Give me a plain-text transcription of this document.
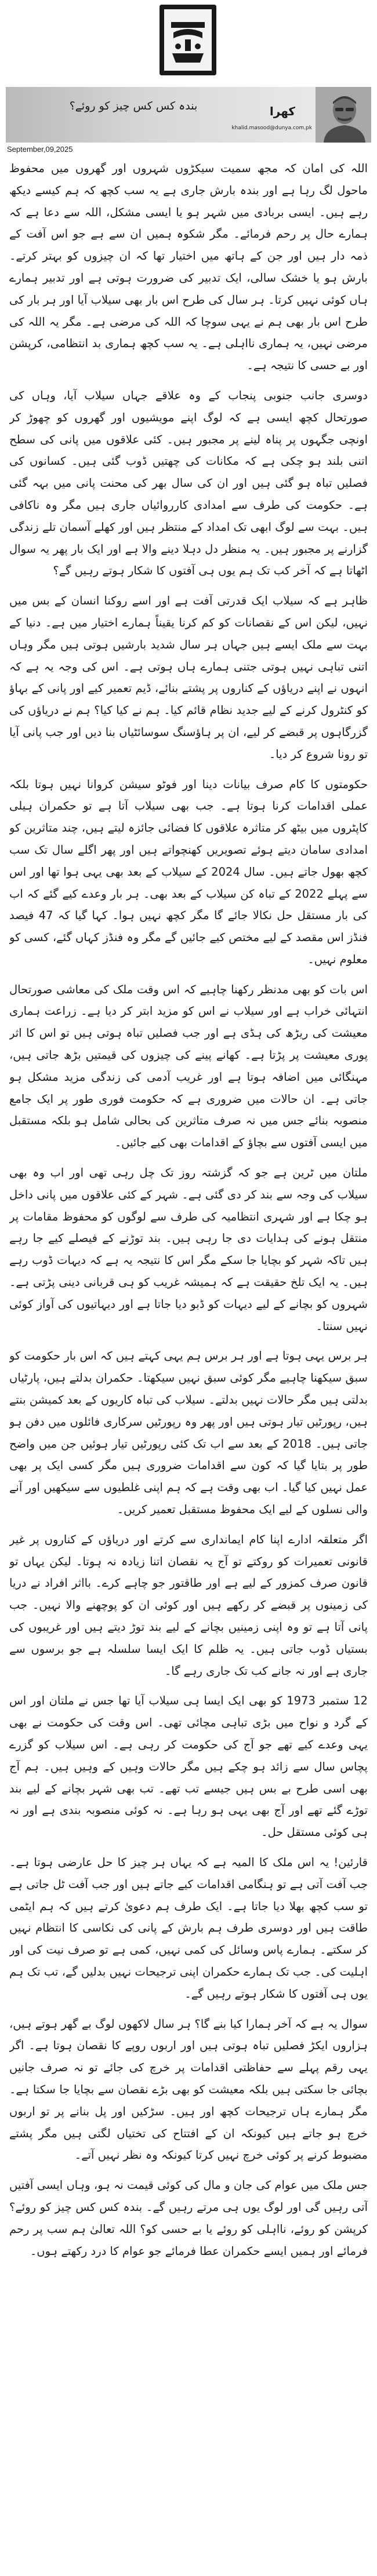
بندہ کس کس چیز کو روئے؟	کھرا
khalid.masood@dunya.com.pk
September,09,2025

اللہ کی امان کہ مجھ سمیت سیکڑوں شہروں اور گھروں میں محفوظ ماحول لگ رہا ہے اور بندہ بارش جاری ہے یہ سب کچھ کہ ہم کیسے دیکھ رہے ہیں۔ ایسی بربادی میں شہر ہو یا ایسی مشکل، اللہ سے دعا ہے کہ ہمارے حال پر رحم فرمائے۔ مگر شکوہ ہمیں ان سے ہے جو اس آفت کے ذمہ دار ہیں اور جن کے ہاتھ میں اختیار تھا کہ ان چیزوں کو بہتر کرتے۔ بارش ہو یا خشک سالی، ایک تدبیر کی ضرورت ہوتی ہے اور تدبیر ہمارے ہاں کوئی نہیں کرتا۔ ہر سال کی طرح اس بار بھی سیلاب آیا اور ہر بار کی طرح اس بار بھی ہم نے یہی سوچا کہ اللہ کی مرضی ہے۔ مگر یہ اللہ کی مرضی نہیں، یہ ہماری نااہلی ہے۔ یہ سب کچھ ہماری بد انتظامی، کرپشن اور بے حسی کا نتیجہ ہے۔

دوسری جانب جنوبی پنجاب کے وہ علاقے جہاں سیلاب آیا، وہاں کی صورتحال کچھ ایسی ہے کہ لوگ اپنے مویشیوں اور گھروں کو چھوڑ کر اونچی جگہوں پر پناہ لینے پر مجبور ہیں۔ کئی علاقوں میں پانی کی سطح اتنی بلند ہو چکی ہے کہ مکانات کی چھتیں ڈوب گئی ہیں۔ کسانوں کی فصلیں تباہ ہو گئی ہیں اور ان کی سال بھر کی محنت پانی میں بہہ گئی ہے۔ حکومت کی طرف سے امدادی کارروائیاں جاری ہیں مگر وہ ناکافی ہیں۔ بہت سے لوگ ابھی تک امداد کے منتظر ہیں اور کھلے آسمان تلے زندگی گزارنے پر مجبور ہیں۔ یہ منظر دل دہلا دینے والا ہے اور ایک بار پھر یہ سوال اٹھاتا ہے کہ آخر کب تک ہم یوں ہی آفتوں کا شکار ہوتے رہیں گے؟

ظاہر ہے کہ سیلاب ایک قدرتی آفت ہے اور اسے روکنا انسان کے بس میں نہیں، لیکن اس کے نقصانات کو کم کرنا یقیناً ہمارے اختیار میں ہے۔ دنیا کے بہت سے ملک ایسے ہیں جہاں ہر سال شدید بارشیں ہوتی ہیں مگر وہاں اتنی تباہی نہیں ہوتی جتنی ہمارے ہاں ہوتی ہے۔ اس کی وجہ یہ ہے کہ انہوں نے اپنے دریاؤں کے کناروں پر پشتے بنائے، ڈیم تعمیر کیے اور پانی کے بہاؤ کو کنٹرول کرنے کے لیے جدید نظام قائم کیا۔ ہم نے کیا کیا؟ ہم نے دریاؤں کی گزرگاہوں پر قبضے کر لیے، ان پر ہاؤسنگ سوسائٹیاں بنا دیں اور جب پانی آیا تو رونا شروع کر دیا۔

حکومتوں کا کام صرف بیانات دینا اور فوٹو سیشن کروانا نہیں ہوتا بلکہ عملی اقدامات کرنا ہوتا ہے۔ جب بھی سیلاب آتا ہے تو حکمران ہیلی کاپٹروں میں بیٹھ کر متاثرہ علاقوں کا فضائی جائزہ لیتے ہیں، چند متاثرین کو امدادی سامان دیتے ہوئے تصویریں کھنچواتے ہیں اور پھر اگلے سال تک سب کچھ بھول جاتے ہیں۔ سال 2024 کے سیلاب کے بعد بھی یہی ہوا تھا اور اس سے پہلے 2022 کے تباہ کن سیلاب کے بعد بھی۔ ہر بار وعدے کیے گئے کہ اب کی بار مستقل حل نکالا جائے گا مگر کچھ نہیں ہوا۔ کہا گیا کہ 47 فیصد فنڈز اس مقصد کے لیے مختص کیے جائیں گے مگر وہ فنڈز کہاں گئے، کسی کو معلوم نہیں۔

اس بات کو بھی مدنظر رکھنا چاہیے کہ اس وقت ملک کی معاشی صورتحال انتہائی خراب ہے اور سیلاب نے اس کو مزید ابتر کر دیا ہے۔ زراعت ہماری معیشت کی ریڑھ کی ہڈی ہے اور جب فصلیں تباہ ہوتی ہیں تو اس کا اثر پوری معیشت پر پڑتا ہے۔ کھانے پینے کی چیزوں کی قیمتیں بڑھ جاتی ہیں، مہنگائی میں اضافہ ہوتا ہے اور غریب آدمی کی زندگی مزید مشکل ہو جاتی ہے۔ ان حالات میں ضروری ہے کہ حکومت فوری طور پر ایک جامع منصوبہ بنائے جس میں نہ صرف متاثرین کی بحالی شامل ہو بلکہ مستقبل میں ایسی آفتوں سے بچاؤ کے اقدامات بھی کیے جائیں۔

ملتان میں ٹرین ہے جو کہ گزشتہ روز تک چل رہی تھی اور اب وہ بھی سیلاب کی وجہ سے بند کر دی گئی ہے۔ شہر کے کئی علاقوں میں پانی داخل ہو چکا ہے اور شہری انتظامیہ کی طرف سے لوگوں کو محفوظ مقامات پر منتقل ہونے کی ہدایات دی جا رہی ہیں۔ بند توڑنے کے فیصلے کیے جا رہے ہیں تاکہ شہر کو بچایا جا سکے مگر اس کا نتیجہ یہ ہے کہ دیہات ڈوب رہے ہیں۔ یہ ایک تلخ حقیقت ہے کہ ہمیشہ غریب کو ہی قربانی دینی پڑتی ہے۔ شہروں کو بچانے کے لیے دیہات کو ڈبو دیا جاتا ہے اور دیہاتیوں کی آواز کوئی نہیں سنتا۔

ہر برس یہی ہوتا ہے اور ہر برس ہم یہی کہتے ہیں کہ اس بار حکومت کو سبق سیکھنا چاہیے مگر کوئی سبق نہیں سیکھتا۔ حکمران بدلتے ہیں، پارٹیاں بدلتی ہیں مگر حالات نہیں بدلتے۔ سیلاب کی تباہ کاریوں کے بعد کمیشن بنتے ہیں، رپورٹیں تیار ہوتی ہیں اور پھر وہ رپورٹیں سرکاری فائلوں میں دفن ہو جاتی ہیں۔ 2018 کے بعد سے اب تک کئی رپورٹیں تیار ہوئیں جن میں واضح طور پر بتایا گیا کہ کون سے اقدامات ضروری ہیں مگر کسی ایک پر بھی عمل نہیں کیا گیا۔ اب بھی وقت ہے کہ ہم اپنی غلطیوں سے سیکھیں اور آنے والی نسلوں کے لیے ایک محفوظ مستقبل تعمیر کریں۔

اگر متعلقہ ادارے اپنا کام ایمانداری سے کرتے اور دریاؤں کے کناروں پر غیر قانونی تعمیرات کو روکتے تو آج یہ نقصان اتنا زیادہ نہ ہوتا۔ لیکن یہاں تو قانون صرف کمزور کے لیے ہے اور طاقتور جو چاہے کرے۔ بااثر افراد نے دریا کی زمینوں پر قبضے کر رکھے ہیں اور کوئی ان کو پوچھنے والا نہیں۔ جب پانی آتا ہے تو وہ اپنی زمینیں بچانے کے لیے بند توڑ دیتے ہیں اور غریبوں کی بستیاں ڈوب جاتی ہیں۔ یہ ظلم کا ایک ایسا سلسلہ ہے جو برسوں سے جاری ہے اور نہ جانے کب تک جاری رہے گا۔

12 ستمبر 1973 کو بھی ایک ایسا ہی سیلاب آیا تھا جس نے ملتان اور اس کے گرد و نواح میں بڑی تباہی مچائی تھی۔ اس وقت کی حکومت نے بھی یہی وعدے کیے تھے جو آج کی حکومت کر رہی ہے۔ اس سیلاب کو گزرے پچاس سال سے زائد ہو چکے ہیں مگر حالات وہیں کے وہیں ہیں۔ ہم آج بھی اسی طرح بے بس ہیں جیسے تب تھے۔ تب بھی شہر بچانے کے لیے بند توڑے گئے تھے اور آج بھی یہی ہو رہا ہے۔ نہ کوئی منصوبہ بندی ہے اور نہ ہی کوئی مستقل حل۔

قارئین! یہ اس ملک کا المیہ ہے کہ یہاں ہر چیز کا حل عارضی ہوتا ہے۔ جب آفت آتی ہے تو ہنگامی اقدامات کیے جاتے ہیں اور جب آفت ٹل جاتی ہے تو سب کچھ بھلا دیا جاتا ہے۔ ایک طرف ہم دعویٰ کرتے ہیں کہ ہم ایٹمی طاقت ہیں اور دوسری طرف ہم بارش کے پانی کی نکاسی کا انتظام نہیں کر سکتے۔ ہمارے پاس وسائل کی کمی نہیں، کمی ہے تو صرف نیت کی اور اہلیت کی۔ جب تک ہمارے حکمران اپنی ترجیحات نہیں بدلیں گے، تب تک ہم یوں ہی آفتوں کا شکار ہوتے رہیں گے۔

سوال یہ ہے کہ آخر ہمارا کیا بنے گا؟ ہر سال لاکھوں لوگ بے گھر ہوتے ہیں، ہزاروں ایکڑ فصلیں تباہ ہوتی ہیں اور اربوں روپے کا نقصان ہوتا ہے۔ اگر یہی رقم پہلے سے حفاظتی اقدامات پر خرچ کی جائے تو نہ صرف جانیں بچائی جا سکتی ہیں بلکہ معیشت کو بھی بڑے نقصان سے بچایا جا سکتا ہے۔ مگر ہمارے ہاں ترجیحات کچھ اور ہیں۔ سڑکیں اور پل بنانے پر تو اربوں خرچ ہو جاتے ہیں کیونکہ ان کے افتتاح کی تختیاں لگتی ہیں مگر پشتے مضبوط کرنے پر کوئی خرچ نہیں کرتا کیونکہ وہ نظر نہیں آتے۔

جس ملک میں عوام کی جان و مال کی کوئی قیمت نہ ہو، وہاں ایسی آفتیں آتی رہیں گی اور لوگ یوں ہی مرتے رہیں گے۔ بندہ کس کس چیز کو روئے؟ کرپشن کو روئے، نااہلی کو روئے یا بے حسی کو؟ اللہ تعالیٰ ہم سب پر رحم فرمائے اور ہمیں ایسے حکمران عطا فرمائے جو عوام کا درد رکھتے ہوں۔
